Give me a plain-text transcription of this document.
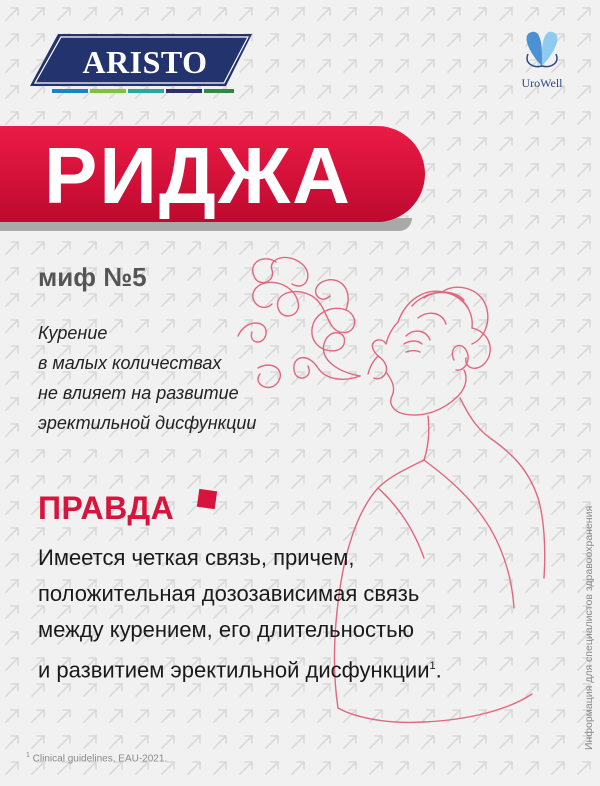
ARISTO
UroWell
РИДЖА
миф №5
Курение
в малых количествах
не влияет на развитие
эректильной дисфункции
ПРАВДА
Имеется четкая связь, причем,
положительная дозозависимая связь
между курением, его длительностью
и развитием эректильной дисфункции$^1$.	Информация для специалистов здравоохранения
$^1$ Clinical guidelines, EAU-2021.
